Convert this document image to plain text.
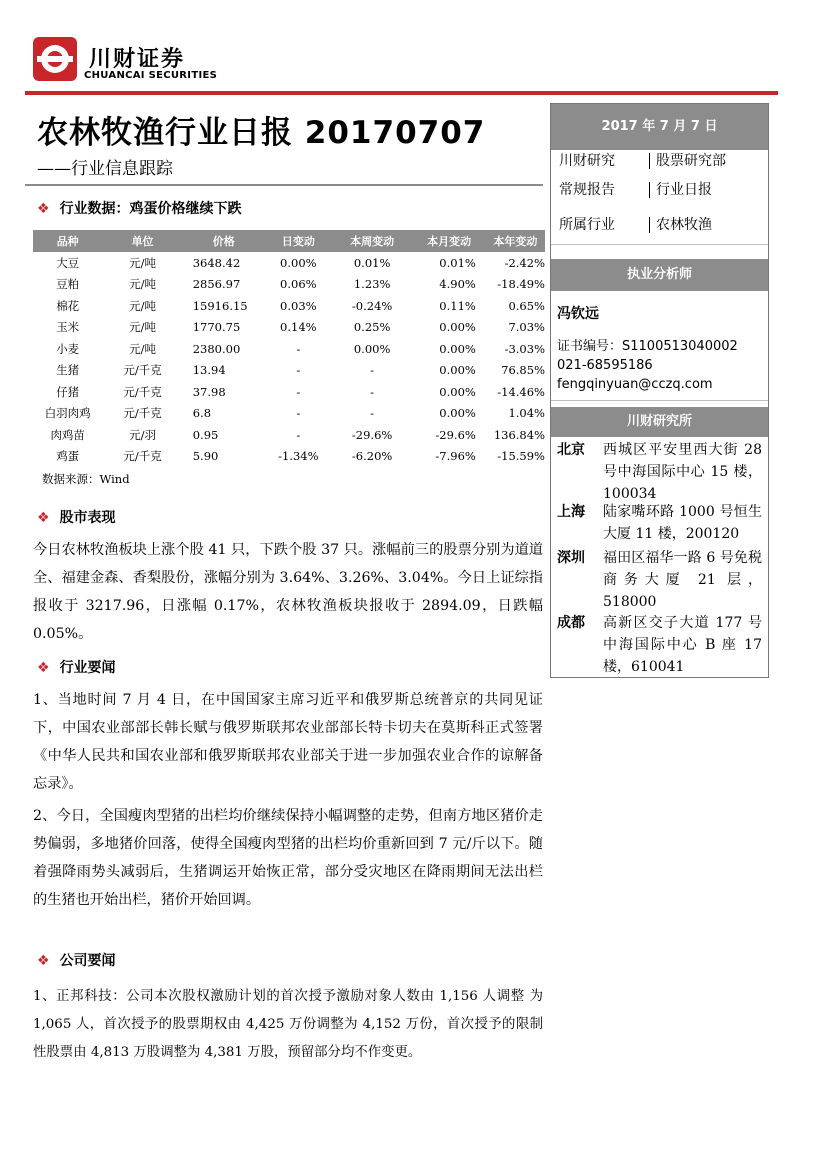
川财证券
CHUANCAI SECURITIES
农林牧渔行业日报 20170707
——行业信息跟踪
❖ 行业数据：鸡蛋价格继续下跌
品种	单位	价格	日变动	本周变动	本月变动	本年变动
大豆	元/吨	3648.42	0.00%	0.01%	0.01%	-2.42%
豆粕	元/吨	2856.97	0.06%	1.23%	4.90%	-18.49%
棉花	元/吨	15916.15	0.03%	-0.24%	0.11%	0.65%
玉米	元/吨	1770.75	0.14%	0.25%	0.00%	7.03%
小麦	元/吨	2380.00	-	0.00%	0.00%	-3.03%
生猪	元/千克	13.94	-	-	0.00%	76.85%
仔猪	元/千克	37.98	-	-	0.00%	-14.46%
白羽肉鸡	元/千克	6.8	-	-	0.00%	1.04%
肉鸡苗	元/羽	0.95	-	-29.6%	-29.6%	136.84%
鸡蛋	元/千克	5.90	-1.34%	-6.20%	-7.96%	-15.59%
数据来源：Wind
❖ 股市表现

今日农林牧渔板块上涨个股 41 只，下跌个股 37 只。涨幅前三的股票分别为道道全、福建金森、香梨股份，涨幅分别为 3.64%、3.26%、3.04%。今日上证综指报收于 3217.96，日涨幅 0.17%，农林牧渔板块报收于 2894.09，日跌幅 0.05%。

❖ 行业要闻

1、当地时间 7 月 4 日，在中国国家主席习近平和俄罗斯总统普京的共同见证下，中国农业部部长韩长赋与俄罗斯联邦农业部部长特卡切夫在莫斯科正式签署《中华人民共和国农业部和俄罗斯联邦农业部关于进一步加强农业合作的谅解备忘录》。

2、今日，全国瘦肉型猪的出栏均价继续保持小幅调整的走势，但南方地区猪价走势偏弱，多地猪价回落，使得全国瘦肉型猪的出栏均价重新回到 7 元/斤以下。随着强降雨势头减弱后，生猪调运开始恢正常，部分受灾地区在降雨期间无法出栏的生猪也开始出栏，猪价开始回调。

❖ 公司要闻

1、正邦科技：公司本次股权激励计划的首次授予激励对象人数由 1,156 人调整 为 1,065 人，首次授予的股票期权由 4,425 万份调整为 4,152 万份，首次授予的限制 性股票由 4,813 万股调整为 4,381 万股，预留部分均不作变更。

2017 年 7 月 7 日
川财研究	股票研究部
常规报告	行业日报
所属行业	农林牧渔
执业分析师
冯钦远
证书编号：S1100513040002
021-68595186
fengqinyuan@cczq.com
川财研究所
北京 西城区平安里西大街 28 号中海国际中心 15 楼，100034
上海 陆家嘴环路 1000 号恒生大厦 11 楼，200120
深圳 福田区福华一路 6 号免税商务大厦 21 层，518000
成都 高新区交子大道 177 号中海国际中心 B 座 17 楼，610041
